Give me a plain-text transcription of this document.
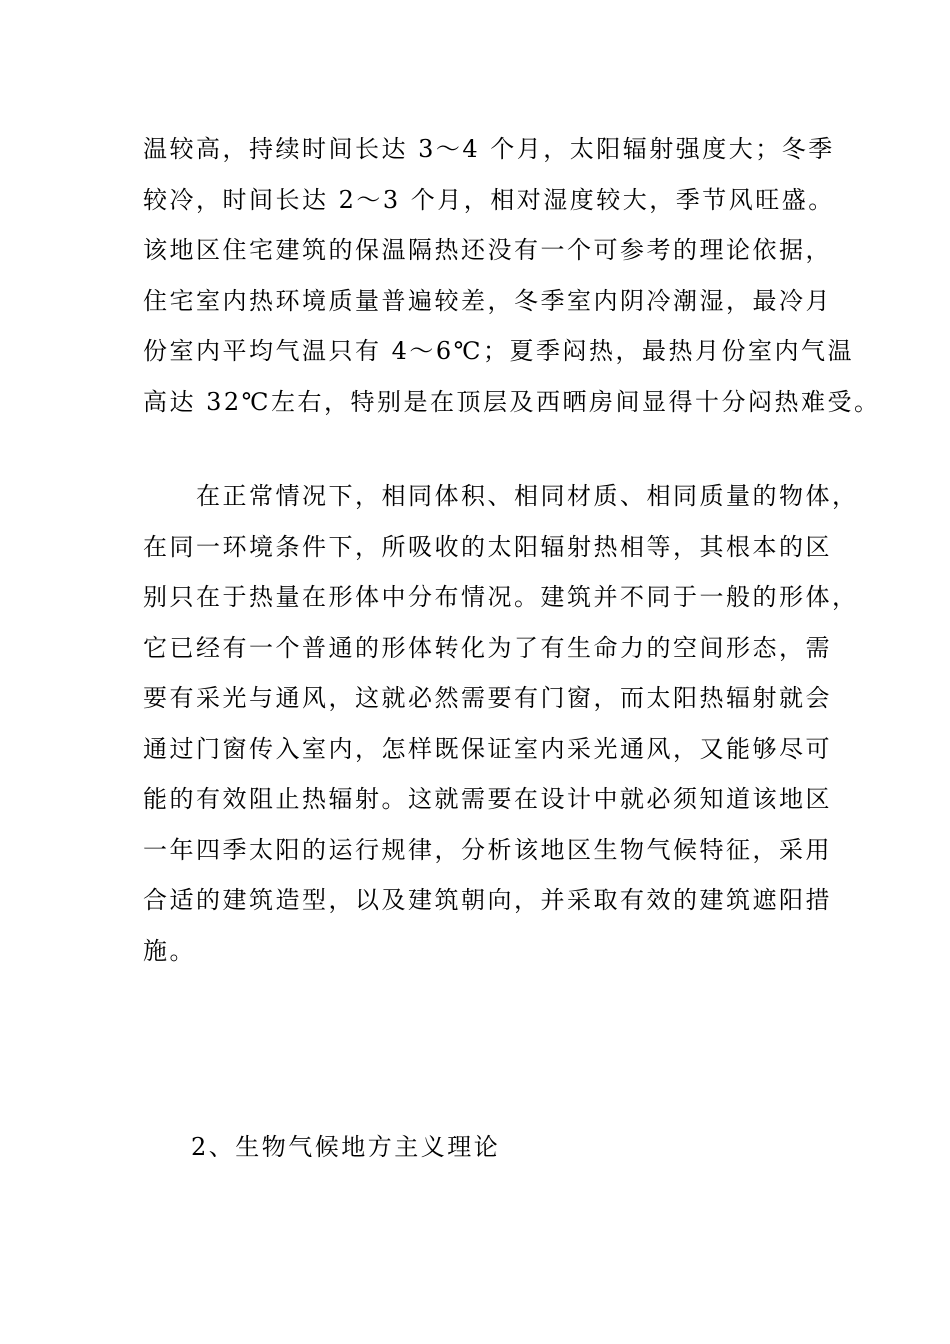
温较高，持续时间长达 3～4 个月，太阳辐射强度大；冬季
较冷，时间长达 2～3 个月，相对湿度较大，季节风旺盛。
该地区住宅建筑的保温隔热还没有一个可参考的理论依据，
住宅室内热环境质量普遍较差，冬季室内阴冷潮湿，最冷月
份室内平均气温只有 4～6℃；夏季闷热，最热月份室内气温
高达 32℃左右，特别是在顶层及西晒房间显得十分闷热难受。
　　在正常情况下，相同体积、相同材质、相同质量的物体，
在同一环境条件下，所吸收的太阳辐射热相等，其根本的区
别只在于热量在形体中分布情况。建筑并不同于一般的形体，
它已经有一个普通的形体转化为了有生命力的空间形态，需
要有采光与通风，这就必然需要有门窗，而太阳热辐射就会
通过门窗传入室内，怎样既保证室内采光通风，又能够尽可
能的有效阻止热辐射。这就需要在设计中就必须知道该地区
一年四季太阳的运行规律，分析该地区生物气候特征，采用
合适的建筑造型，以及建筑朝向，并采取有效的建筑遮阳措
施。
2、生物气候地方主义理论
